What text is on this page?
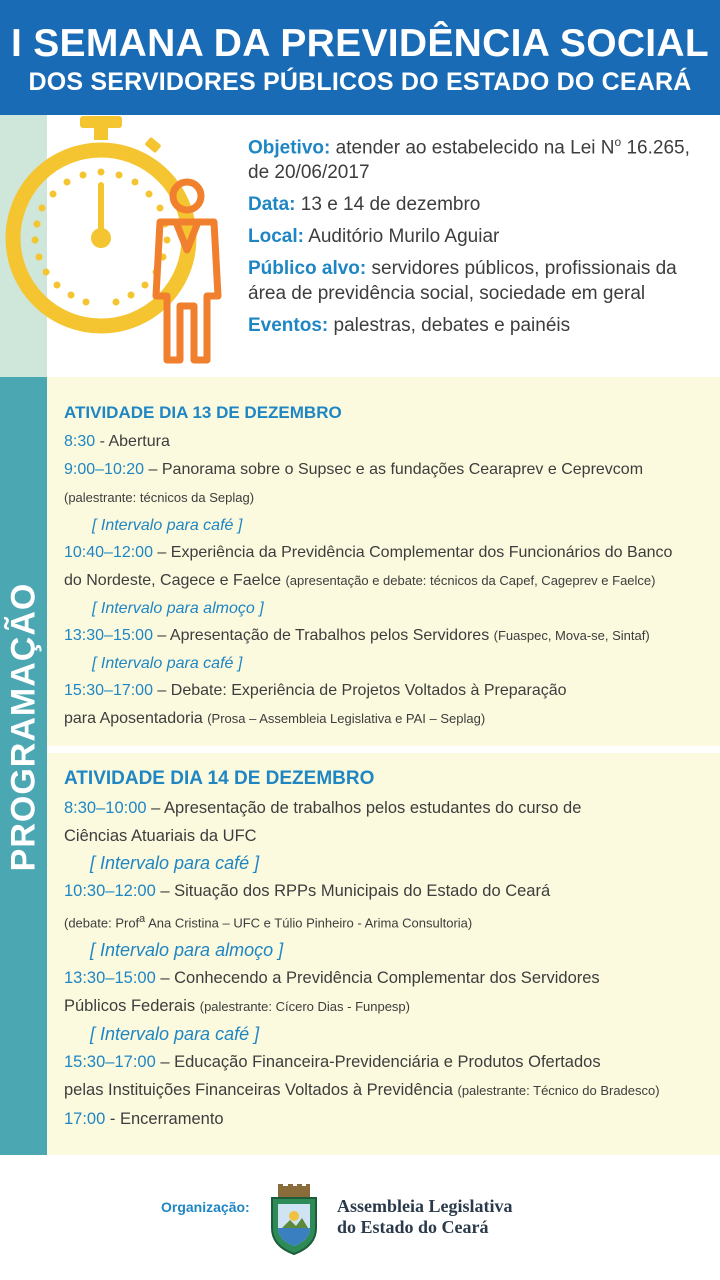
I SEMANA DA PREVIDÊNCIA SOCIAL
DOS SERVIDORES PÚBLICOS DO ESTADO DO CEARÁ

Objetivo: atender ao estabelecido na Lei $N^o$ 16.265, de 20/06/2017

Data: 13 e 14 de dezembro

Local: Auditório Murilo Aguiar

Público alvo: servidores públicos, profissionais da área de previdência social, sociedade em geral

Eventos: palestras, debates e painéis

PROGRAMAÇÃO
ATIVIDADE DIA 13 DE DEZEMBRO
8:30 - Abertura
9:00–10:20 – Panorama sobre o Supsec e as fundações Cearaprev e Ceprevcom
(palestrante: técnicos da Seplag)
[ Intervalo para café ]
10:40–12:00 – Experiência da Previdência Complementar dos Funcionários do Banco
do Nordeste, Cagece e Faelce (apresentação e debate: técnicos da Capef, Cageprev e Faelce)
[ Intervalo para almoço ]
13:30–15:00 – Apresentação de Trabalhos pelos Servidores (Fuaspec, Mova-se, Sintaf)
[ Intervalo para café ]
15:30–17:00 – Debate: Experiência de Projetos Voltados à Preparação
para Aposentadoria (Prosa – Assembleia Legislativa e PAI – Seplag)
ATIVIDADE DIA 14 DE DEZEMBRO
8:30–10:00 – Apresentação de trabalhos pelos estudantes do curso de
Ciências Atuariais da UFC
[ Intervalo para café ]
10:30–12:00 – Situação dos RPPs Municipais do Estado do Ceará
(debate: Prof$^a$ Ana Cristina – UFC e Túlio Pinheiro - Arima Consultoria)
[ Intervalo para almoço ]
13:30–15:00 – Conhecendo a Previdência Complementar dos Servidores
Públicos Federais (palestrante: Cícero Dias - Funpesp)
[ Intervalo para café ]
15:30–17:00 – Educação Financeira-Previdenciária e Produtos Ofertados
pelas Instituições Financeiras Voltados à Previdência (palestrante: Técnico do Bradesco)
17:00 - Encerramento
Organização:	Assembleia Legislativa
do Estado do Ceará
